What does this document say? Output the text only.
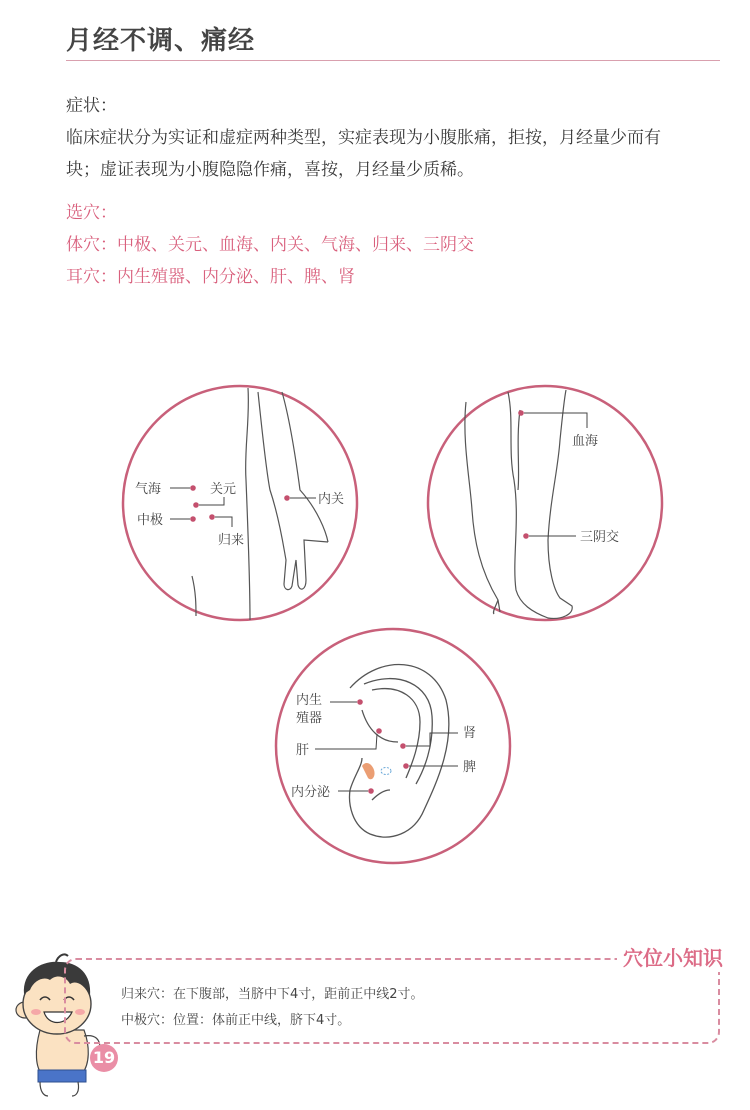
月经不调、痛经
症状：
临床症状分为实证和虚症两种类型，实症表现为小腹胀痛，拒按，月经量少而有
块；虚证表现为小腹隐隐作痛，喜按，月经量少质稀。
选穴：
体穴：中极、关元、血海、内关、气海、归来、三阴交
耳穴：内生殖器、内分泌、肝、脾、肾
气海	关元
中极
归来
内关
血海
三阴交
内生
殖器
肝
内分泌
肾
脾
穴位小知识
归来穴：在下腹部，当脐中下4寸，距前正中线2寸。
中极穴：位置：体前正中线，脐下4寸。
19
